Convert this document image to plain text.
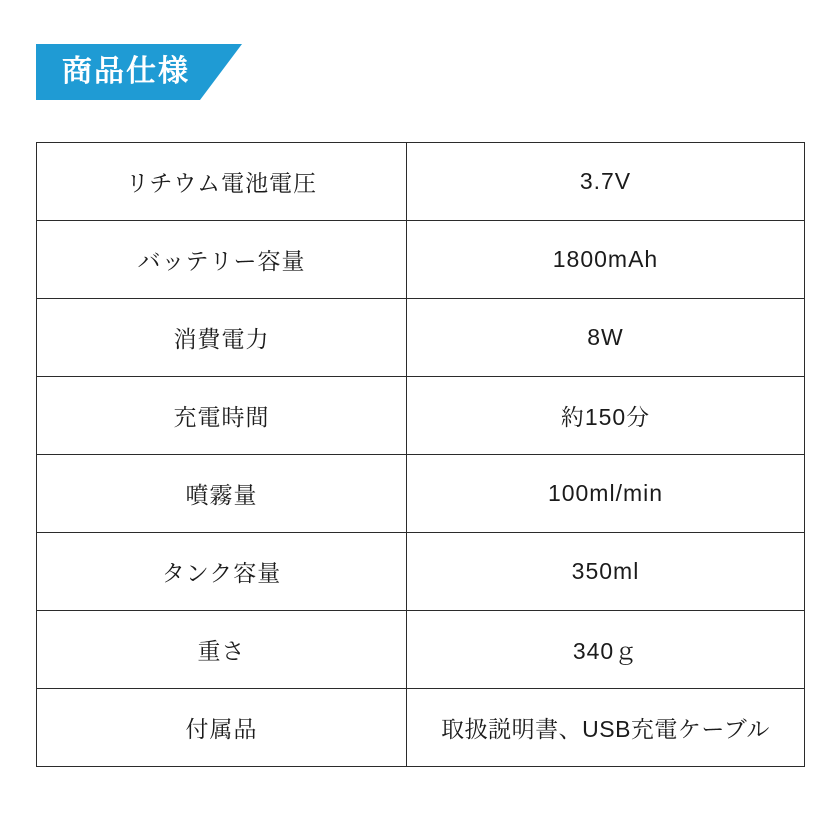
商品仕様
リチウム電池電圧	3.7V
バッテリー容量	1800mAh
消費電力	8W
充電時間	約150分
噴霧量	100ml/min
タンク容量	350ml
重さ	340ｇ
付属品	取扱説明書、USB充電ケーブル
